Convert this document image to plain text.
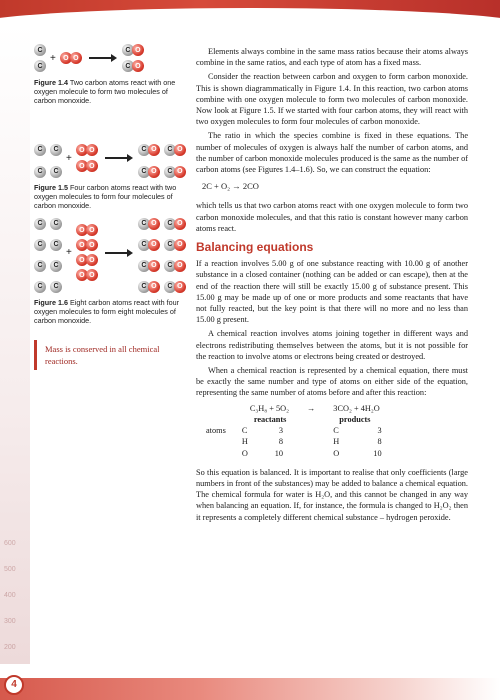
600
500
400
300
200
C
C
+	O O →
C O
C O
Figure 1.4 Two carbon atoms react with one oxygen molecule to form two molecules of carbon monoxide.
C C
C C
+
O O
O O
C O
	C O
C O
	C O
Figure 1.5 Four carbon atoms react with two oxygen molecules to form four molecules of carbon monoxide.
C C
C C
C C
C C
+
O O
O O
O O
O O
C O
	C O
C O
	C O
C O
	C O
C O
	C O
Figure 1.6 Eight carbon atoms react with four oxygen molecules to form eight molecules of carbon monoxide.
Mass is conserved in all chemical reactions.

Elements always combine in the same mass ratios because their atoms always combine in the same ratios, and each type of atom has a fixed mass.

Consider the reaction between carbon and oxygen to form carbon monoxide. This is shown diagrammatically in Figure 1.4. In this reaction, two carbon atoms combine with one oxygen molecule to form two molecules of carbon monoxide. Now look at Figure 1.5. If we started with four carbon atoms, they will react with two oxygen molecules to form four molecules of carbon monoxide.

The ratio in which the species combine is fixed in these equations. The number of molecules of oxygen is always half the number of carbon atoms, and the number of carbon monoxide molecules produced is the same as the number of carbon atoms (see Figures 1.4–1.6). So, we can construct the equation:

2C + O₂ → 2CO

which tells us that two carbon atoms react with one oxygen molecule to form two carbon monoxide molecules, and that this ratio is constant however many carbon atoms react.

Balancing equations

If a reaction involves 5.00 g of one substance reacting with 10.00 g of another substance in a closed container (nothing can be added or can escape), then at the end of the reaction there will still be exactly 15.00 g of substance present. This 15.00 g may be made up of one or more products and some reactants that have not fully reacted, but the key point is that there will no more and no less than 15.00 g present.

A chemical reaction involves atoms joining together in different ways and electrons redistributing themselves between the atoms, but it is not possible for the reaction to involve atoms or electrons being created or destroyed.

When a chemical reaction is represented by a chemical equation, there must be exactly the same number and type of atoms on either side of the equation, representing the same number of atoms before and after this reaction:

	C₃H₈ + 5O₂		→	3CO₂ + 4H₂O	
	reactants			products	
atoms	C	3		C	3
	H	8		H	8
	O	10		O	10

So this equation is balanced. It is important to realise that only coefficients (large numbers in front of the substances) may be added to balance a chemical equation. The chemical formula for water is H₂O, and this cannot be changed in any way when balancing an equation. If, for instance, the formula is changed to H₂O₂ then it represents a completely different chemical substance – hydrogen peroxide.

4
